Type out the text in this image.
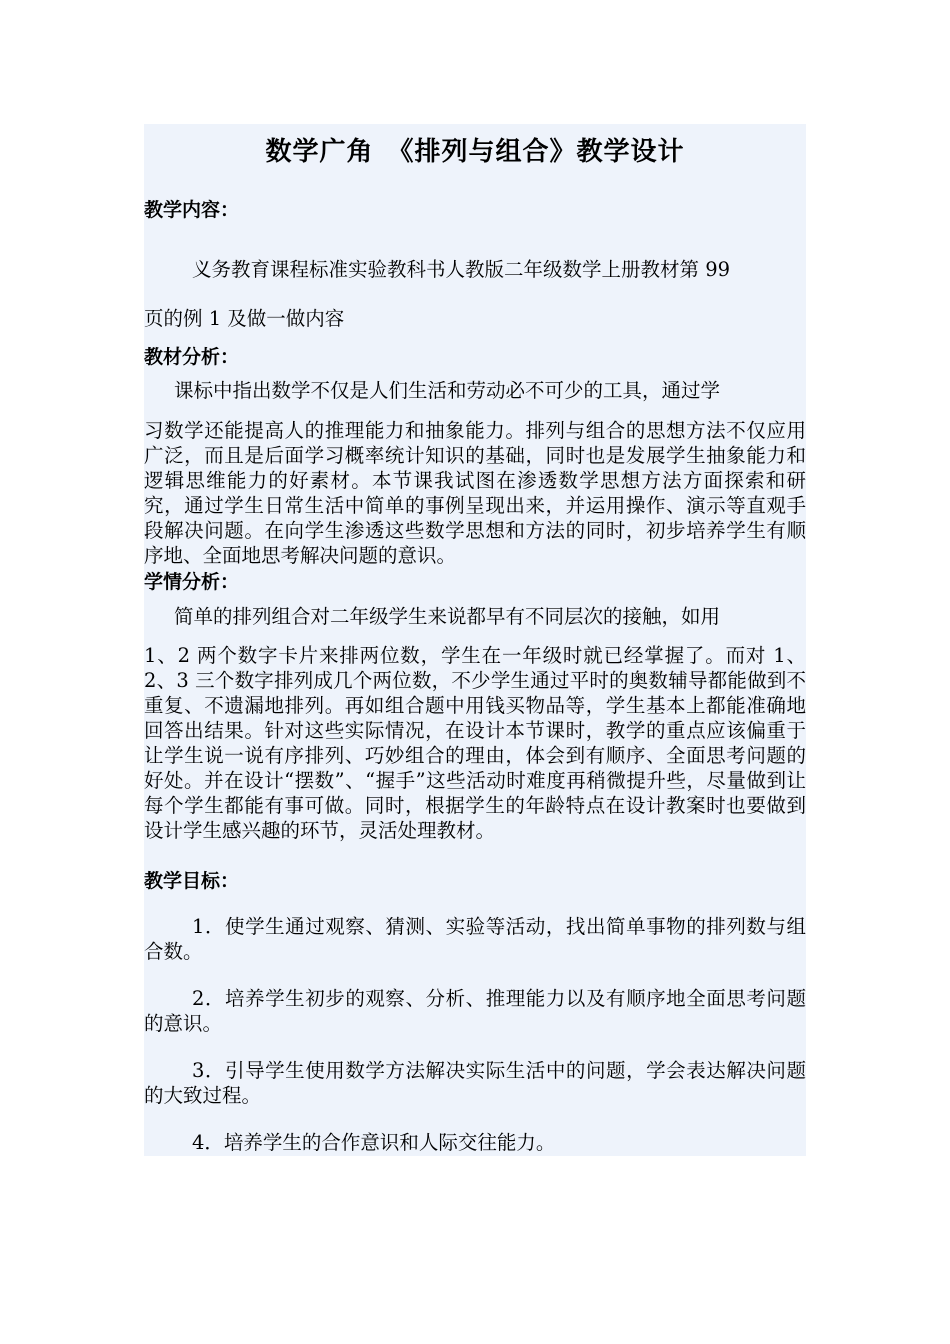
数学广角　《排列与组合》教学设计
教学内容：
义务教育课程标准实验教科书人教版二年级数学上册教材第 99
页的例 1 及做一做内容
教材分析：
课标中指出数学不仅是人们生活和劳动必不可少的工具，通过学
习数学还能提高人的推理能力和抽象能力。排列与组合的思想方法不仅应用广泛，而且是后面学习概率统计知识的基础，同时也是发展学生抽象能力和逻辑思维能力的好素材。本节课我试图在渗透数学思想方法方面探索和研究，通过学生日常生活中简单的事例呈现出来，并运用操作、演示等直观手段解决问题。在向学生渗透这些数学思想和方法的同时，初步培养学生有顺序地、全面地思考解决问题的意识。
学情分析：
简单的排列组合对二年级学生来说都早有不同层次的接触，如用
1、2 两个数字卡片来排两位数，学生在一年级时就已经掌握了。而对 1、2、3 三个数字排列成几个两位数，不少学生通过平时的奥数辅导都能做到不重复、不遗漏地排列。再如组合题中用钱买物品等，学生基本上都能准确地回答出结果。针对这些实际情况，在设计本节课时，教学的重点应该偏重于让学生说一说有序排列、巧妙组合的理由，体会到有顺序、全面思考问题的好处。并在设计“摆数”、“握手”这些活动时难度再稍微提升些，尽量做到让每个学生都能有事可做。同时，根据学生的年龄特点在设计教案时也要做到设计学生感兴趣的环节，灵活处理教材。
教学目标：
1．使学生通过观察、猜测、实验等活动，找出简单事物的排列数与组合数。
2．培养学生初步的观察、分析、推理能力以及有顺序地全面思考问题的意识。
3．引导学生使用数学方法解决实际生活中的问题，学会表达解决问题的大致过程。
4．培养学生的合作意识和人际交往能力。
